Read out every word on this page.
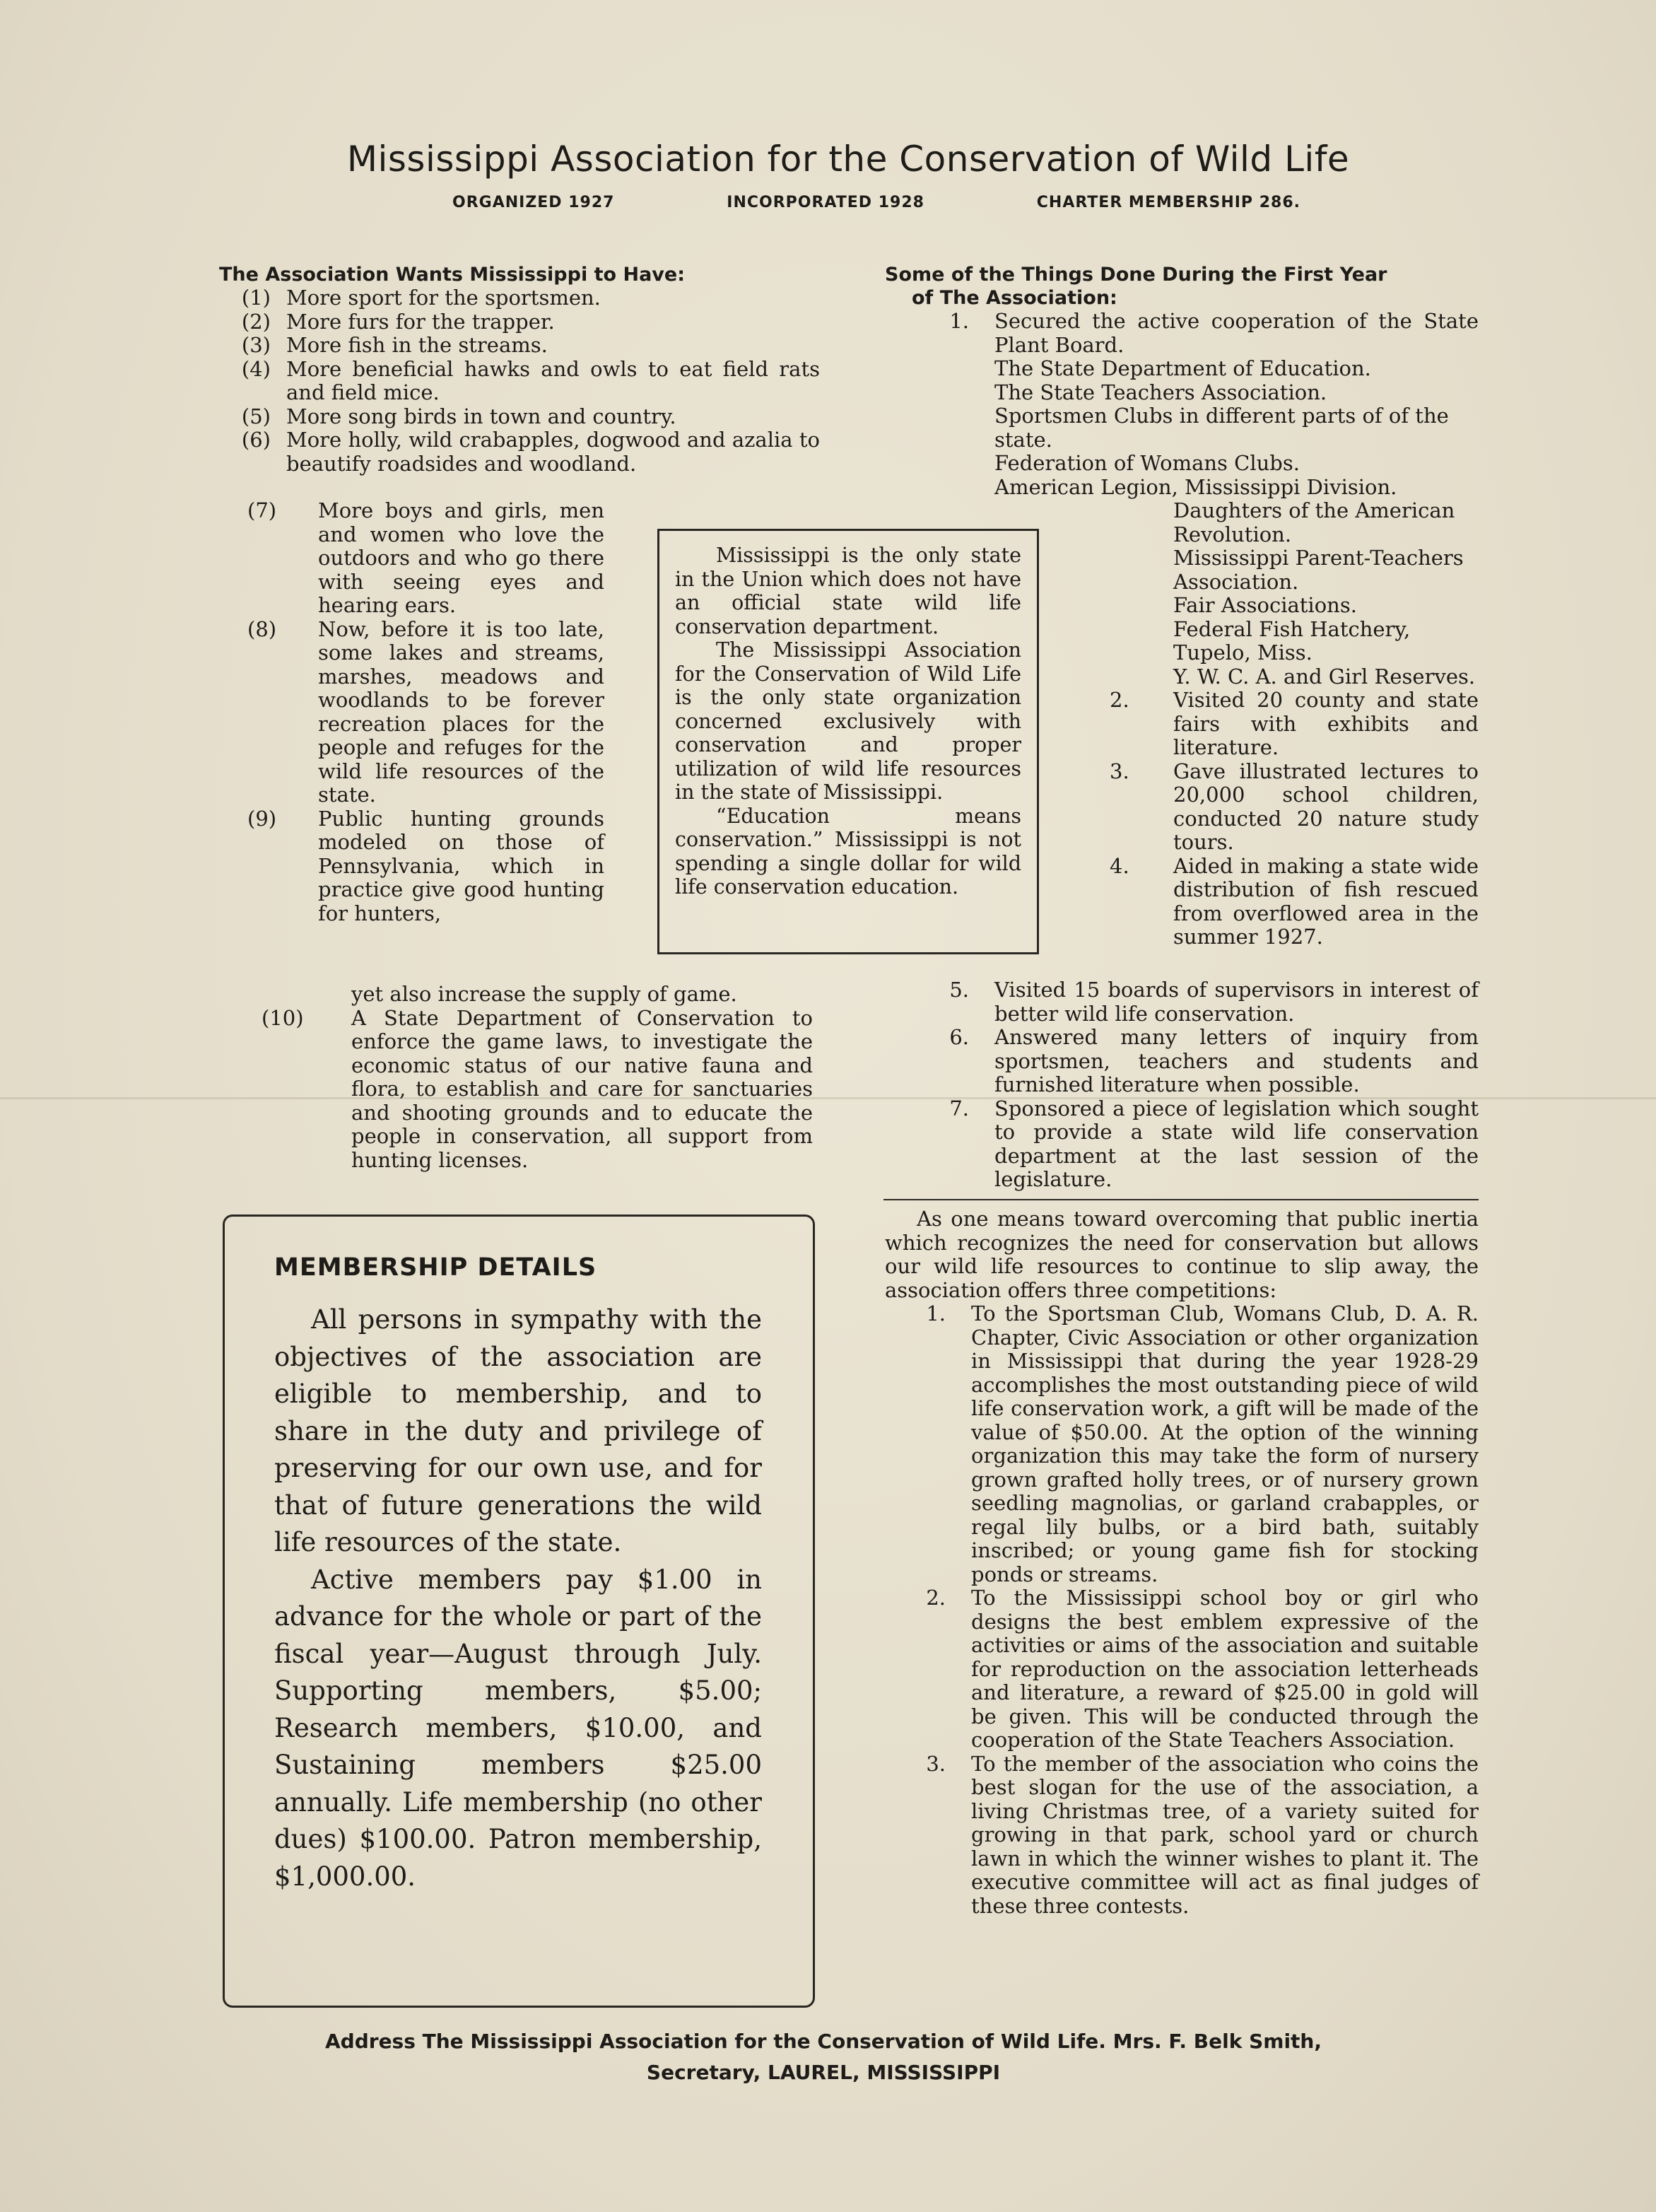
Mississippi Association for the Conservation of Wild Life
ORGANIZED 1927	INCORPORATED 1928	CHARTER MEMBERSHIP 286.
The Association Wants Mississippi to Have:
(1) More sport for the sportsmen.
(2) More furs for the trapper.
(3) More fish in the streams.
(4) More beneficial hawks and owls to eat field rats and field mice.
(5) More song birds in town and country.
(6) More holly, wild crabapples, dogwood and azalia to beautify roadsides and woodland.
(7)	More boys and girls, men and women who love the outdoors and who go there with seeing eyes and hearing ears.
(8)	Now, before it is too late, some lakes and streams, marshes, meadows and woodlands to be forever recreation places for the people and refuges for the wild life resources of the state.
(9)	Public hunting grounds modeled on those of Pennsylvania, which in practice give good hunting for hunters,
yet also increase the supply of game.
(10)	A State Department of Conservation to enforce the game laws, to investigate the economic status of our native fauna and flora, to establish and care for sanctuaries and shooting grounds and to educate the people in conservation, all support from hunting licenses.

Mississippi is the only state in the Union which does not have an official state wild life conservation department.

The Mississippi Association for the Conservation of Wild Life is the only state organization concerned exclusively with conservation and proper utilization of wild life resources in the state of Mississippi.

“Education means conservation.” Mississippi is not spending a single dollar for wild life conservation education.

Some of the Things Done During the First Year
of The Association:
1.	Secured the active cooperation of the State Plant Board.
The State Department of Education.
The State Teachers Association.
Sportsmen Clubs in different parts of of the state.
Federation of Womans Clubs.
American Legion, Mississippi Division.
Daughters of the American Revolution.
Mississippi Parent-Teachers Association.
Fair Associations.
Federal Fish Hatchery, Tupelo, Miss.
Y. W. C. A. and Girl Reserves.
2. Visited 20 county and state fairs with exhibits and literature.
3. Gave illustrated lectures to 20,000 school children, conducted 20 nature study tours.
4. Aided in making a state wide distribution of fish rescued from overflowed area in the summer 1927.
5.	Visited 15 boards of supervisors in interest of better wild life conservation.
6.	Answered many letters of inquiry from sportsmen, teachers and students and furnished literature when possible.
7.	Sponsored a piece of legislation which sought to provide a state wild life conservation department at the last session of the legislature.
MEMBERSHIP DETAILS

All persons in sympathy with the objectives of the association are eligible to membership, and to share in the duty and privilege of preserving for our own use, and for that of future generations the wild life resources of the state.

Active members pay $1.00 in advance for the whole or part of the fiscal year—August through July. Supporting members, $5.00; Research members, $10.00, and Sustaining members $25.00 annually. Life membership (no other dues) $100.00. Patron membership, $1,000.00.

As one means toward overcoming that public inertia which recognizes the need for conservation but allows our wild life resources to continue to slip away, the association offers three competitions:
1.	To the Sportsman Club, Womans Club, D. A. R. Chapter, Civic Association or other organization in Mississippi that during the year 1928-29 accomplishes the most outstanding piece of wild life conservation work, a gift will be made of the value of $50.00. At the option of the winning organization this may take the form of nursery grown grafted holly trees, or of nursery grown seedling magnolias, or garland crabapples, or regal lily bulbs, or a bird bath, suitably inscribed; or young game fish for stocking ponds or streams.
2.	To the Mississippi school boy or girl who designs the best emblem expressive of the activities or aims of the association and suitable for reproduction on the association letterheads and literature, a reward of $25.00 in gold will be given. This will be conducted through the cooperation of the State Teachers Association.
3.	To the member of the association who coins the best slogan for the use of the association, a living Christmas tree, of a variety suited for growing in that park, school yard or church lawn in which the winner wishes to plant it. The executive committee will act as final judges of these three contests.
Address The Mississippi Association for the Conservation of Wild Life. Mrs. F. Belk Smith,
Secretary, LAUREL, MISSISSIPPI
